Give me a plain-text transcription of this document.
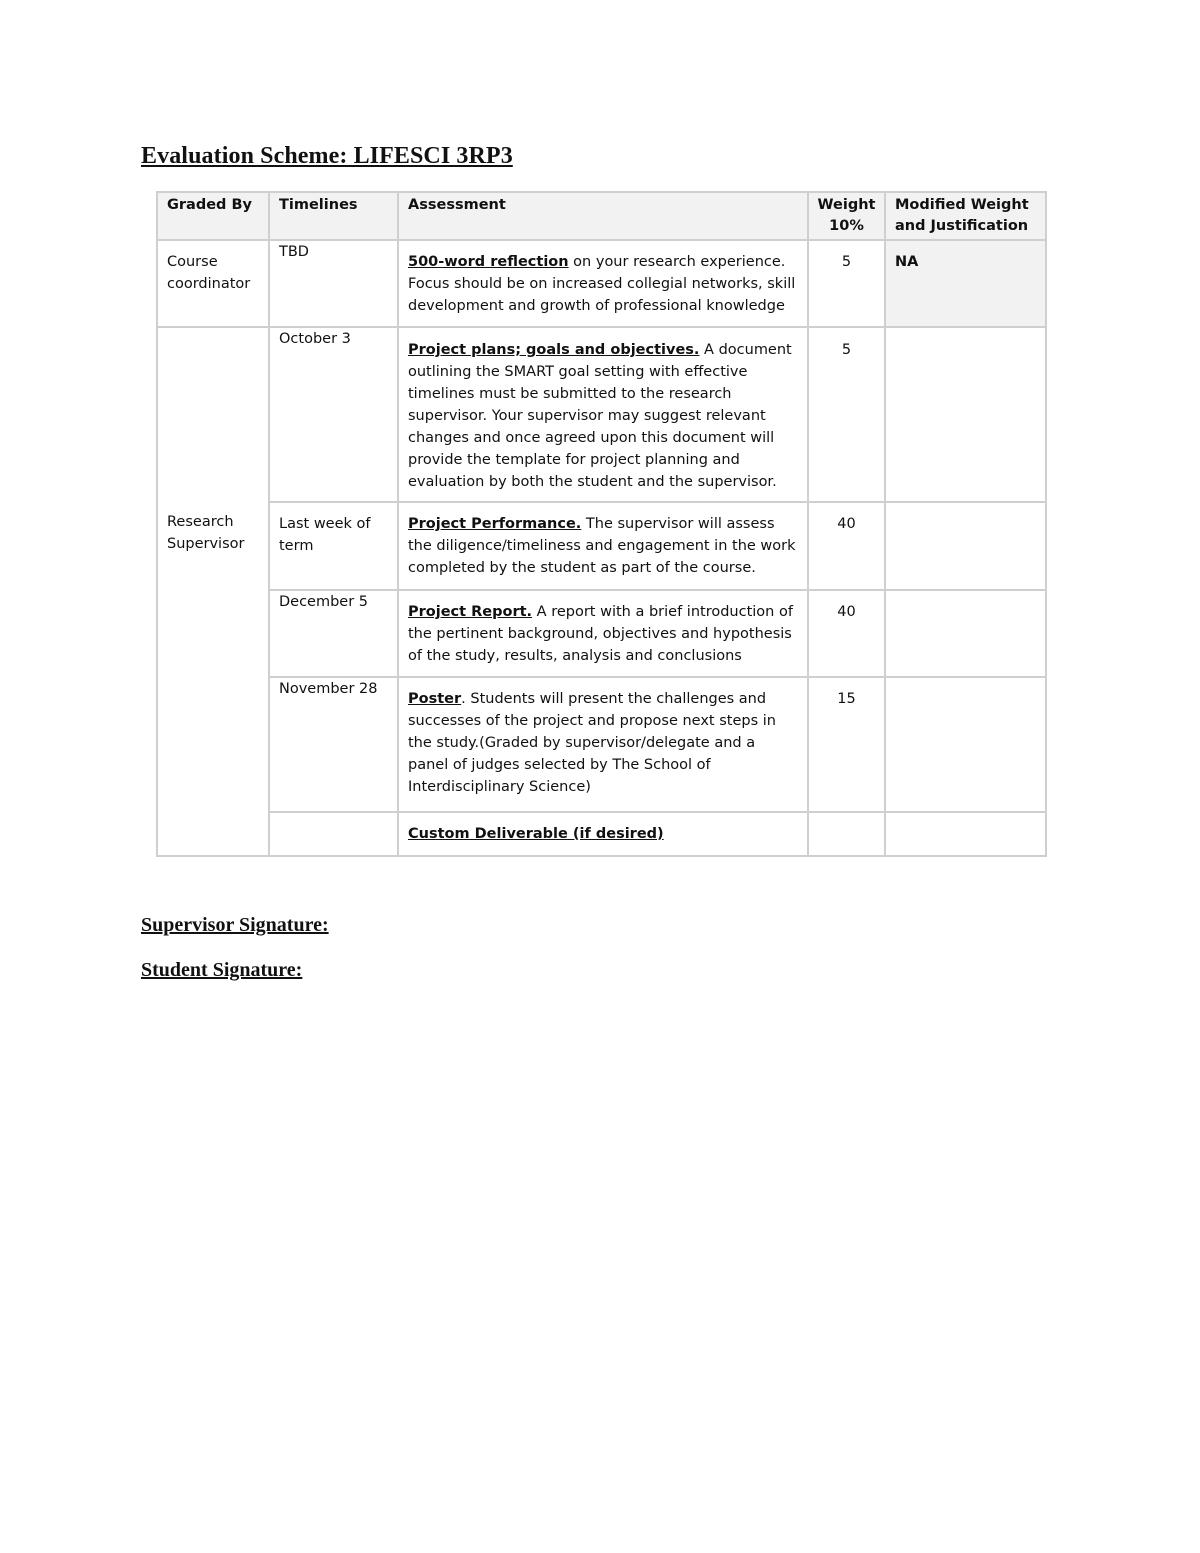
Evaluation Scheme: LIFESCI 3RP3
Graded By	Timelines	Assessment	Weight 10%	Modified Weight and Justification
Course coordinator	TBD	500-word reflection on your research experience. Focus should be on increased collegial networks, skill development and growth of professional knowledge	5	NA
Research Supervisor	October 3	Project plans; goals and objectives. A document outlining the SMART goal setting with effective timelines must be submitted to the research supervisor. Your supervisor may suggest relevant changes and once agreed upon this document will provide the template for project planning and evaluation by both the student and the supervisor.	5	
	Last week of term	Project Performance. The supervisor will assess the diligence/timeliness and engagement in the work completed by the student as part of the course.	40	
	December 5	Project Report. A report with a brief introduction of the pertinent background, objectives and hypothesis of the study, results, analysis and conclusions	40	
	November 28	Poster. Students will present the challenges and successes of the project and propose next steps in the study.(Graded by supervisor/delegate and a panel of judges selected by The School of Interdisciplinary Science)	15	
		Custom Deliverable (if desired)		

Supervisor Signature:

Student Signature:
